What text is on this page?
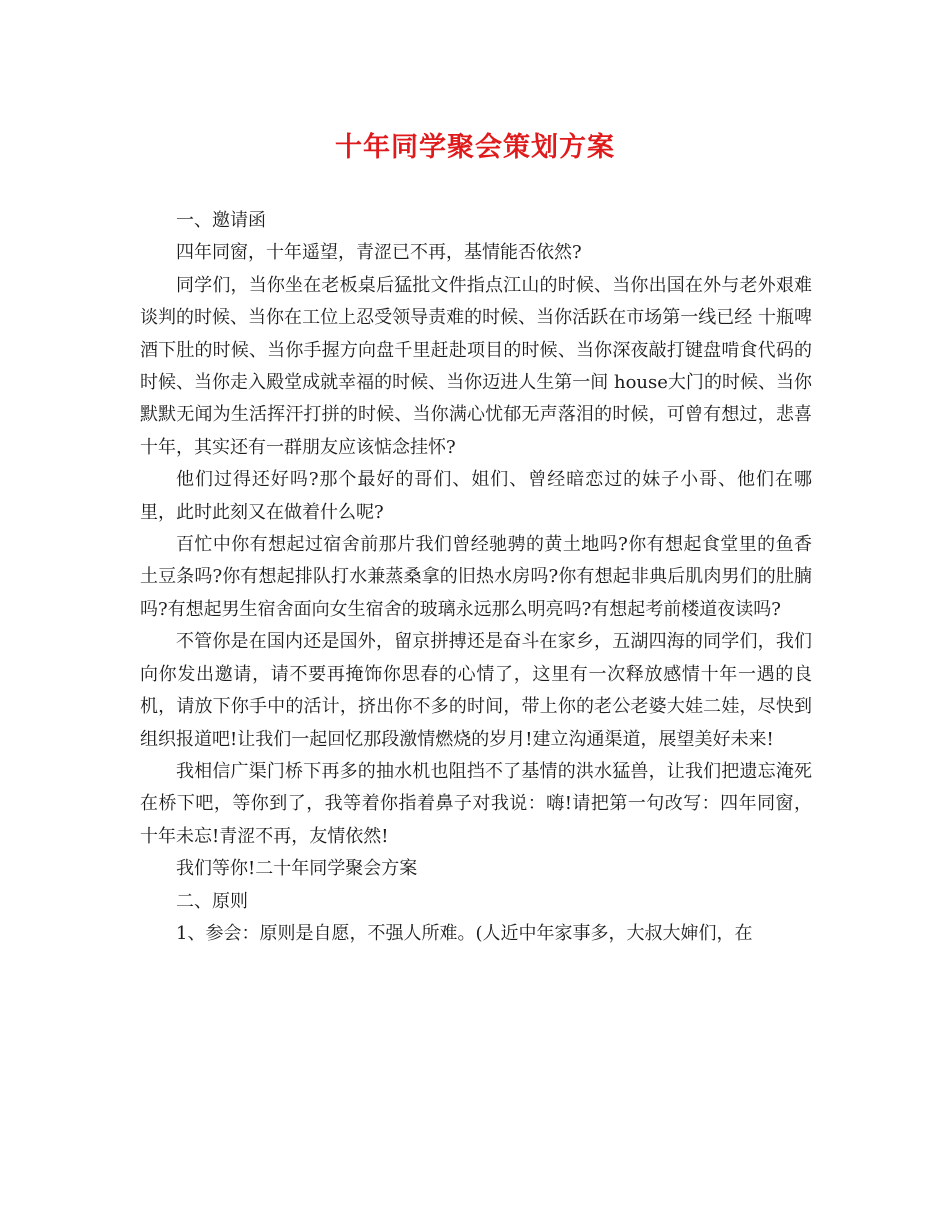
十年同学聚会策划方案

一、邀请函

四年同窗，十年遥望，青涩已不再，基情能否依然?

同学们，当你坐在老板桌后猛批文件指点江山的时候、当你出国在外与老外艰难谈判的时候、当你在工位上忍受领导责难的时候、当你活跃在市场第一线已经 十瓶啤酒下肚的时候、当你手握方向盘千里赶赴项目的时候、当你深夜敲打键盘啃食代码的时候、当你走入殿堂成就幸福的时候、当你迈进人生第一间 house大门的时候、当你默默无闻为生活挥汗打拼的时候、当你满心忧郁无声落泪的时候，可曾有想过，悲喜十年，其实还有一群朋友应该惦念挂怀?

他们过得还好吗?那个最好的哥们、姐们、曾经暗恋过的妹子小哥、他们在哪里，此时此刻又在做着什么呢?

百忙中你有想起过宿舍前那片我们曾经驰骋的黄土地吗?你有想起食堂里的鱼香土豆条吗?你有想起排队打水兼蒸桑拿的旧热水房吗?你有想起非典后肌肉男们的肚腩吗?有想起男生宿舍面向女生宿舍的玻璃永远那么明亮吗?有想起考前楼道夜读吗?

不管你是在国内还是国外，留京拼搏还是奋斗在家乡，五湖四海的同学们，我们向你发出邀请，请不要再掩饰你思春的心情了，这里有一次释放感情十年一遇的良机，请放下你手中的活计，挤出你不多的时间，带上你的老公老婆大娃二娃，尽快到组织报道吧!让我们一起回忆那段激情燃烧的岁月!建立沟通渠道，展望美好未来!

我相信广渠门桥下再多的抽水机也阻挡不了基情的洪水猛兽，让我们把遗忘淹死在桥下吧，等你到了，我等着你指着鼻子对我说：嗨!请把第一句改写：四年同窗，十年未忘!青涩不再，友情依然!

我们等你!二十年同学聚会方案

二、原则

1、参会：原则是自愿，不强人所难。(人近中年家事多，大叔大婶们，在
